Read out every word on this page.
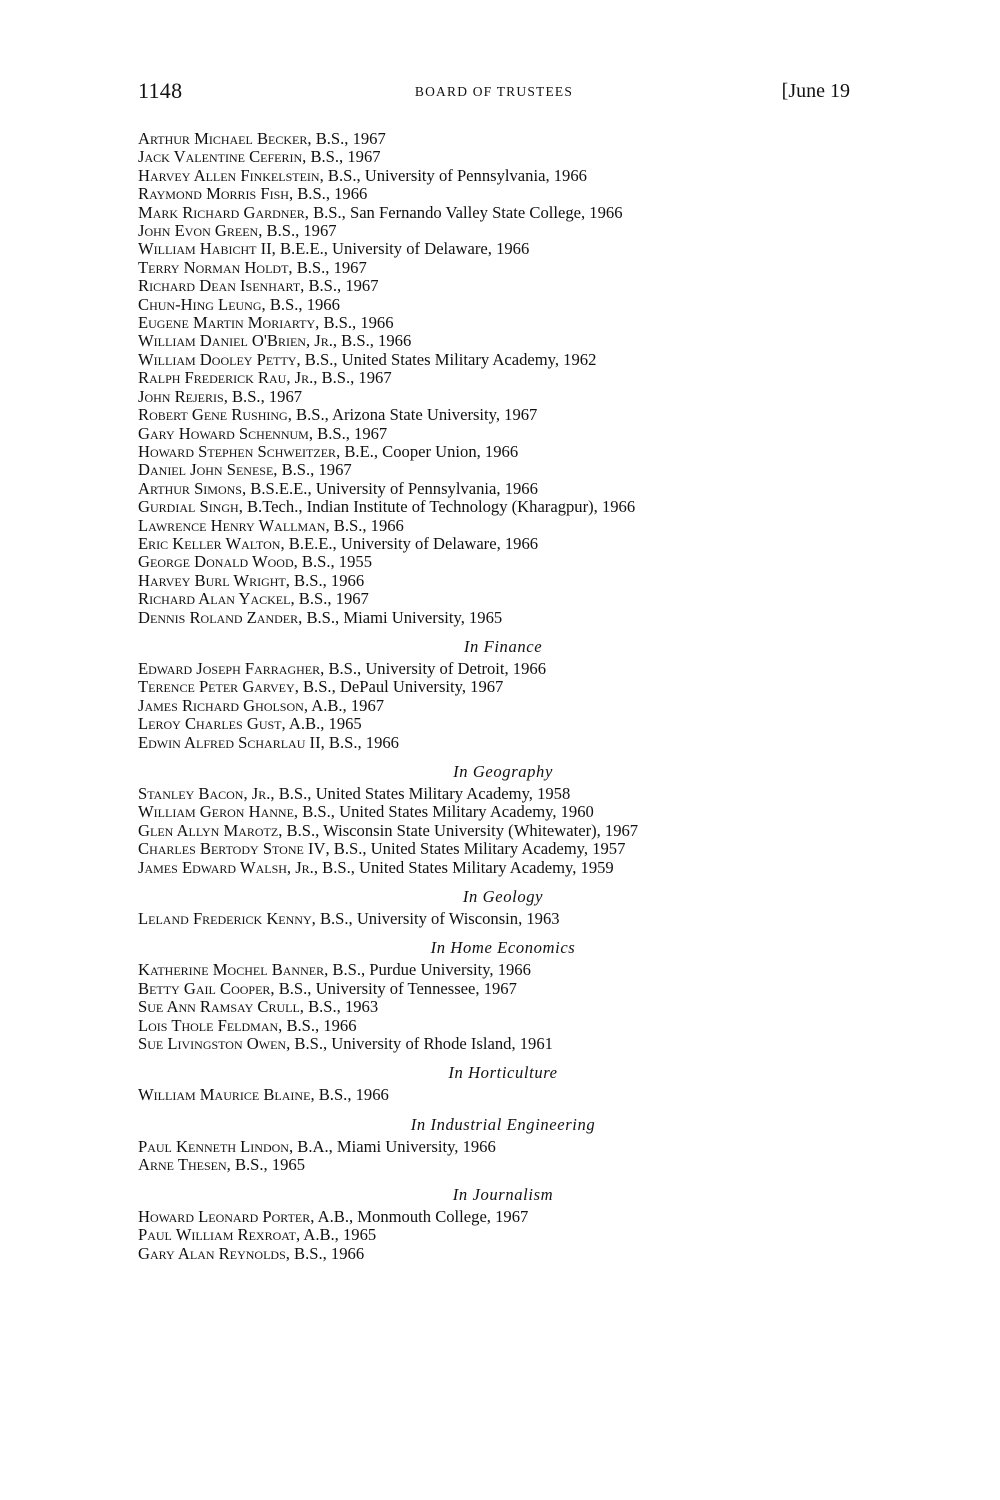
1148	BOARD OF TRUSTEES	[June 19
Arthur Michael Becker, B.S., 1967
Jack Valentine Ceferin, B.S., 1967
Harvey Allen Finkelstein, B.S., University of Pennsylvania, 1966
Raymond Morris Fish, B.S., 1966
Mark Richard Gardner, B.S., San Fernando Valley State College, 1966
John Evon Green, B.S., 1967
William Habicht II, B.E.E., University of Delaware, 1966
Terry Norman Holdt, B.S., 1967
Richard Dean Isenhart, B.S., 1967
Chun-Hing Leung, B.S., 1966
Eugene Martin Moriarty, B.S., 1966
William Daniel O'Brien, Jr., B.S., 1966
William Dooley Petty, B.S., United States Military Academy, 1962
Ralph Frederick Rau, Jr., B.S., 1967
John Rejeris, B.S., 1967
Robert Gene Rushing, B.S., Arizona State University, 1967
Gary Howard Schennum, B.S., 1967
Howard Stephen Schweitzer, B.E., Cooper Union, 1966
Daniel John Senese, B.S., 1967
Arthur Simons, B.S.E.E., University of Pennsylvania, 1966
Gurdial Singh, B.Tech., Indian Institute of Technology (Kharagpur), 1966
Lawrence Henry Wallman, B.S., 1966
Eric Keller Walton, B.E.E., University of Delaware, 1966
George Donald Wood, B.S., 1955
Harvey Burl Wright, B.S., 1966
Richard Alan Yackel, B.S., 1967
Dennis Roland Zander, B.S., Miami University, 1965
In Finance
Edward Joseph Farragher, B.S., University of Detroit, 1966
Terence Peter Garvey, B.S., DePaul University, 1967
James Richard Gholson, A.B., 1967
Leroy Charles Gust, A.B., 1965
Edwin Alfred Scharlau II, B.S., 1966
In Geography
Stanley Bacon, Jr., B.S., United States Military Academy, 1958
William Geron Hanne, B.S., United States Military Academy, 1960
Glen Allyn Marotz, B.S., Wisconsin State University (Whitewater), 1967
Charles Bertody Stone IV, B.S., United States Military Academy, 1957
James Edward Walsh, Jr., B.S., United States Military Academy, 1959
In Geology
Leland Frederick Kenny, B.S., University of Wisconsin, 1963
In Home Economics
Katherine Mochel Banner, B.S., Purdue University, 1966
Betty Gail Cooper, B.S., University of Tennessee, 1967
Sue Ann Ramsay Crull, B.S., 1963
Lois Thole Feldman, B.S., 1966
Sue Livingston Owen, B.S., University of Rhode Island, 1961
In Horticulture
William Maurice Blaine, B.S., 1966
In Industrial Engineering
Paul Kenneth Lindon, B.A., Miami University, 1966
Arne Thesen, B.S., 1965
In Journalism
Howard Leonard Porter, A.B., Monmouth College, 1967
Paul William Rexroat, A.B., 1965
Gary Alan Reynolds, B.S., 1966
